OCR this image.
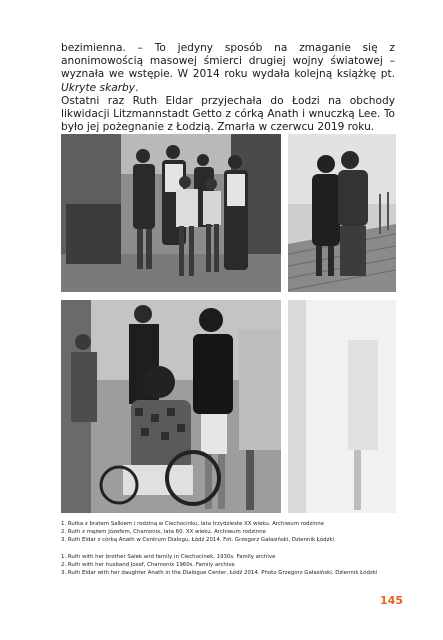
bezimienna. – To jedyny sposób na zmaganie się z anonimowością masowej śmierci drugiej wojny światowej – wyznała we wstępie. W 2014 roku wydała kolejną książkę pt. Ukryte skarby.

Ostatni raz Ruth Eldar przyjechała do Łodzi na obchody likwidacji Litzmannstadt Getto z córką Anath i wnuczką Lee. To było jej pożegnanie z Łodzią. Zmarła w czerwcu 2019 roku.

1. Rutka z bratem Salkiem i rodziną w Ciechocinku, lata trzydzieste XX wieku. Archiwum rodzinne
2. Ruth z mężem Józefem, Chamonix, lata 60. XX wieku. Archiwum rodzinne
3. Ruth Eldar z córką Anath w Centrum Dialogu, Łódź 2014. Fot. Grzegorz Gałasiński, Dziennik Łódzki
1. Ruth with her brother Salek and family in Ciechocinek, 1930s. Family archive
2. Ruth with her husband Josef, Chamonix 1960s. Family archive
3. Ruth Eldar with her daughter Anath in the Dialogue Center, Łódź 2014. Photo Grzegorz Gałasiński, Dziennik Łódzki
145
